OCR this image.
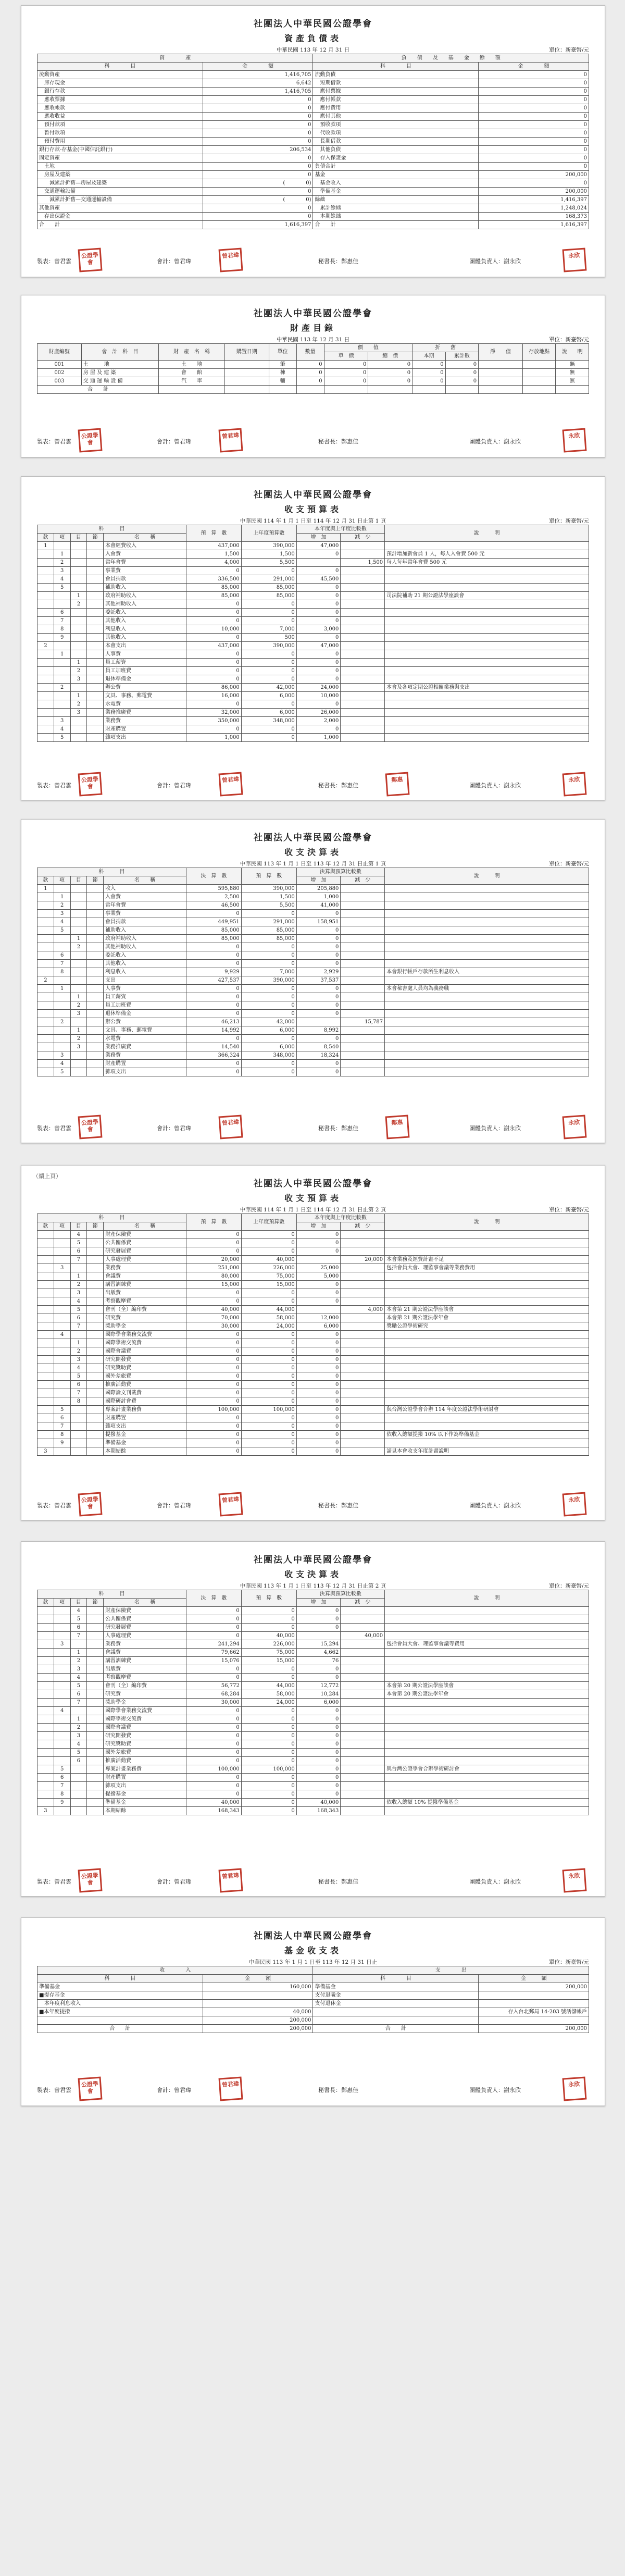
社團法人中華民國公證學會
資產負債表
中華民國 113 年 12 月 31 日	單位：新臺幣/元
資　　　　產		負　　債　　及　　基　　金　　餘　　額	
科　　　　目	金　　　　額	科　　　　目	金　　　　額
流動資產	1,416,705	流動負債	0
　庫存現金	6,642	　短期借款	0
　銀行存款	1,416,705	　應付票據	0
　應收票據	0	　應付帳款	0
　應收帳款	0	　應付費用	0
　應收收益	0	　應付其他	0
　預付款項	0	　預收款項	0
　暫付款項	0	　代收款項	0
　預付費用	0	　長期借款	0
銀行存款-存基金(中國信託銀行)	206,534	　其他負債	0
固定資產	0	　存入保證金	0
　土地	0	負債合計	0
　房屋及建築	0	基金	200,000
　　減累計折舊—房屋及建築	(　　　　0)	　基金收入	0
　交通運輸設備	0	　準備基金	200,000
　　減累計折舊—交通運輸設備	(　　　　0)	餘絀	1,416,397
其他資產	0	　累計餘絀	1,248,024
　存出保證金	0	　本期餘絀	168,373
合　　計	1,616,397	合　　計	1,616,397
製表：曾君雲	會計：曾君瑋	秘書長：鄭惠佳	團體負責人：謝永欣
公證學會
曾君瑋	永欣
社團法人中華民國公證學會
財產目錄
中華民國 113 年 12 月 31 日	單位：新臺幣/元
財產編號	會　計　科　目	財　產　名　稱	購置日期	單位	數量	價　　值		折　　舊		淨　　值	存放地點	說　　明
						單　價	總　價	本期	累計數			
001	土　　　地	土　　地		筆	0	0	0	0	0			無
002	房 屋 及 建 築	會　　館		棟	0	0	0	0	0			無
003	交 通 運 輸 設 備	汽　　車		輛	0	0	0	0	0			無
合　　計												
製表：曾君雲	會計：曾君瑋	秘書長：鄭惠佳	團體負責人：謝永欣
公證學會
曾君瑋	永欣
社團法人中華民國公證學會
收支預算表
中華民國 114 年 1 月 1 日至 114 年 12 月 31 日止第 1 頁	單位：新臺幣/元
科　　　目					預　算　數	上年度預算數	本年度與上年度比較數		說　　　明
款	項	目	節	名　　稱			增　加	減　少	
1				本會經費收入	437,000	390,000	47,000		
	1			入會費	1,500	1,500	0		預計增加新會員 1 人，每人入會費 500 元
	2			常年會費	4,000	5,500		1,500	每人每年常年會費 500 元
	3			事業費	0	0	0		
	4			會員捐款	336,500	291,000	45,500		
	5			補助收入	85,000	85,000	0		
		1		政府補助收入	85,000	85,000	0		司法院補助 21 期公證法學座談會
		2		其他補助收入	0	0	0		
	6			委託收入	0	0	0		
	7			其他收入	0	0	0		
	8			利息收入	10,000	7,000	3,000		
	9			其他收入	0	500	0		
2				本會支出	437,000	390,000	47,000		
	1			人事費	0	0	0		
		1		員工薪資	0	0	0		
		2		員工加班費	0	0	0		
		3		退休準備金	0	0	0		
	2			辦公費	86,000	42,000	24,000		本會及各項定期公證相關業務與支出
		1		文具、事務、郵電費	16,000	6,000	10,000		
		2		水電費	0	0	0		
		3		業務推廣費	32,000	6,000	26,000		
	3			業務費	350,000	348,000	2,000		
	4			財產購置	0	0	0		
	5			雜項支出	1,000	0	1,000		
製表：曾君雲	會計：曾君瑋	秘書長：鄭惠佳	團體負責人：謝永欣
公證學會
曾君瑋	鄭惠	永欣
社團法人中華民國公證學會
收支決算表
中華民國 113 年 1 月 1 日至 113 年 12 月 31 日止第 1 頁	單位：新臺幣/元
科　　　目					決　算　數	預　算　數	決算與預算比較數		說　　　明
款	項	目	節	名　　稱			增　加	減　少	
1				收入	595,880	390,000	205,880		
	1			入會費	2,500	1,500	1,000		
	2			常年會費	46,500	5,500	41,000		
	3			事業費	0	0	0		
	4			會員捐款	449,951	291,000	158,951		
	5			補助收入	85,000	85,000	0		
		1		政府補助收入	85,000	85,000	0		
		2		其他補助收入	0	0	0		
	6			委託收入	0	0	0		
	7			其他收入	0	0	0		
	8			利息收入	9,929	7,000	2,929		本會銀行帳戶存款所生利息收入
2				支出	427,537	390,000	37,537		
	1			人事費	0	0	0		本會秘書處人員均為義務職
		1		員工薪資	0	0	0		
		2		員工加班費	0	0	0		
		3		退休準備金	0	0	0		
	2			辦公費	46,213	42,000		15,787	
		1		文具、事務、郵電費	14,992	6,000	8,992		
		2		水電費	0	0	0		
		3		業務推廣費	14,540	6,000	8,540		
	3			業務費	366,324	348,000	18,324		
	4			財產購置	0	0	0		
	5			雜項支出	0	0	0		
製表：曾君雲	會計：曾君瑋	秘書長：鄭惠佳	團體負責人：謝永欣
公證學會
曾君瑋	鄭惠	永欣
（續上頁）
社團法人中華民國公證學會
收支預算表
中華民國 114 年 1 月 1 日至 114 年 12 月 31 日止第 2 頁	單位：新臺幣/元
科　　　目					預　算　數	上年度預算數	本年度與上年度比較數		說　　　明
款	項	目	節	名　　稱			增　加	減　少	
		4		財產保險費	0	0	0		
		5		公共關係費	0	0	0		
		6		研究發展費	0	0	0		
		7		人事處理費	20,000	40,000		20,000	本會業務及經費計畫不足
	3			業務費	251,000	226,000	25,000		包括會員大會、理監事會議等業務費用
		1		會議費	80,000	75,000	5,000		
		2		講習訓練費	15,000	15,000	0		
		3		出版費	0	0	0		
		4		考察觀摩費	0	0	0		
		5		會刊（全）編印費	40,000	44,000		4,000	本會第 21 期公證法學座談會
		6		研究費	70,000	58,000	12,000		本會第 21 期公證法學年會
		7		獎助學金	30,000	24,000	6,000		獎勵公證學術研究
	4			國際學會業務交流費	0	0	0		
		1		國際學術交流費	0	0	0		
		2		國際會議費	0	0	0		
		3		研究開發費	0	0	0		
		4		研究獎助費	0	0	0		
		5		國外差旅費	0	0	0		
		6		推廣活動費	0	0	0		
		7		國際論文刊載費	0	0	0		
		8		國際研討會費	0	0	0		
	5			專案計畫業務費	100,000	100,000	0		與台灣公證學會合辦 114 年度公證法學術研討會
	6			財產購置	0	0	0		
	7			雜項支出	0	0	0		
	8			提撥基金	0	0	0		依收入總額提撥 10% 以下作為準備基金
	9			準備基金	0	0	0		
3				本期結餘	0	0	0		請見本會收支年度計畫說明
製表：曾君雲	會計：曾君瑋	秘書長：鄭惠佳	團體負責人：謝永欣
公證學會
曾君瑋	永欣
社團法人中華民國公證學會
收支決算表
中華民國 113 年 1 月 1 日至 113 年 12 月 31 日止第 2 頁	單位：新臺幣/元
科　　　目					決　算　數	預　算　數	決算與預算比較數		說　　　明
款	項	目	節	名　　稱			增　加	減　少	
		4		財產保險費	0	0	0		
		5		公共關係費	0	0	0		
		6		研究發展費	0	0	0		
		7		人事處理費	0	40,000		40,000	
	3			業務費	241,294	226,000	15,294		包括會員大會、理監事會議等費用
		1		會議費	79,662	75,000	4,662		
		2		講習訓練費	15,076	15,000	76		
		3		出版費	0	0	0		
		4		考察觀摩費	0	0	0		
		5		會刊（全）編印費	56,772	44,000	12,772		本會第 20 期公證法學座談會
		6		研究費	68,284	58,000	10,284		本會第 20 期公證法學年會
		7		獎助學金	30,000	24,000	6,000		
	4			國際學會業務交流費	0	0	0		
		1		國際學術交流費	0	0	0		
		2		國際會議費	0	0	0		
		3		研究開發費	0	0	0		
		4		研究獎助費	0	0	0		
		5		國外差旅費	0	0	0		
		6		推廣活動費	0	0	0		
	5			專案計畫業務費	100,000	100,000	0		與台灣公證學會合辦學術研討會
	6			財產購置	0	0	0		
	7			雜項支出	0	0	0		
	8			提撥基金	0	0	0		
	9			準備基金	40,000	0	40,000		依收入總額 10% 提撥準備基金
3				本期結餘	168,343	0	168,343		
製表：曾君雲	會計：曾君瑋	秘書長：鄭惠佳	團體負責人：謝永欣
公證學會
曾君瑋	永欣
社團法人中華民國公證學會
基金收支表
中華民國 113 年 1 月 1 日至 113 年 12 月 31 日止	單位：新臺幣/元
收　　　　入		支　　　　出	
科　　　　目	金　　　額	科　　　　目	金　　　額
準備基金	160,000	準備基金	200,000
■提存基金		支付退職金	
　本年度利息收入		支付退休金	
■本年度提撥	40,000		存入台北郵局 14-203 號活儲帳戶
	200,000		
合　　計	200,000	合　　計	200,000
製表：曾君雲	會計：曾君瑋	秘書長：鄭惠佳	團體負責人：謝永欣
公證學會
曾君瑋	永欣
